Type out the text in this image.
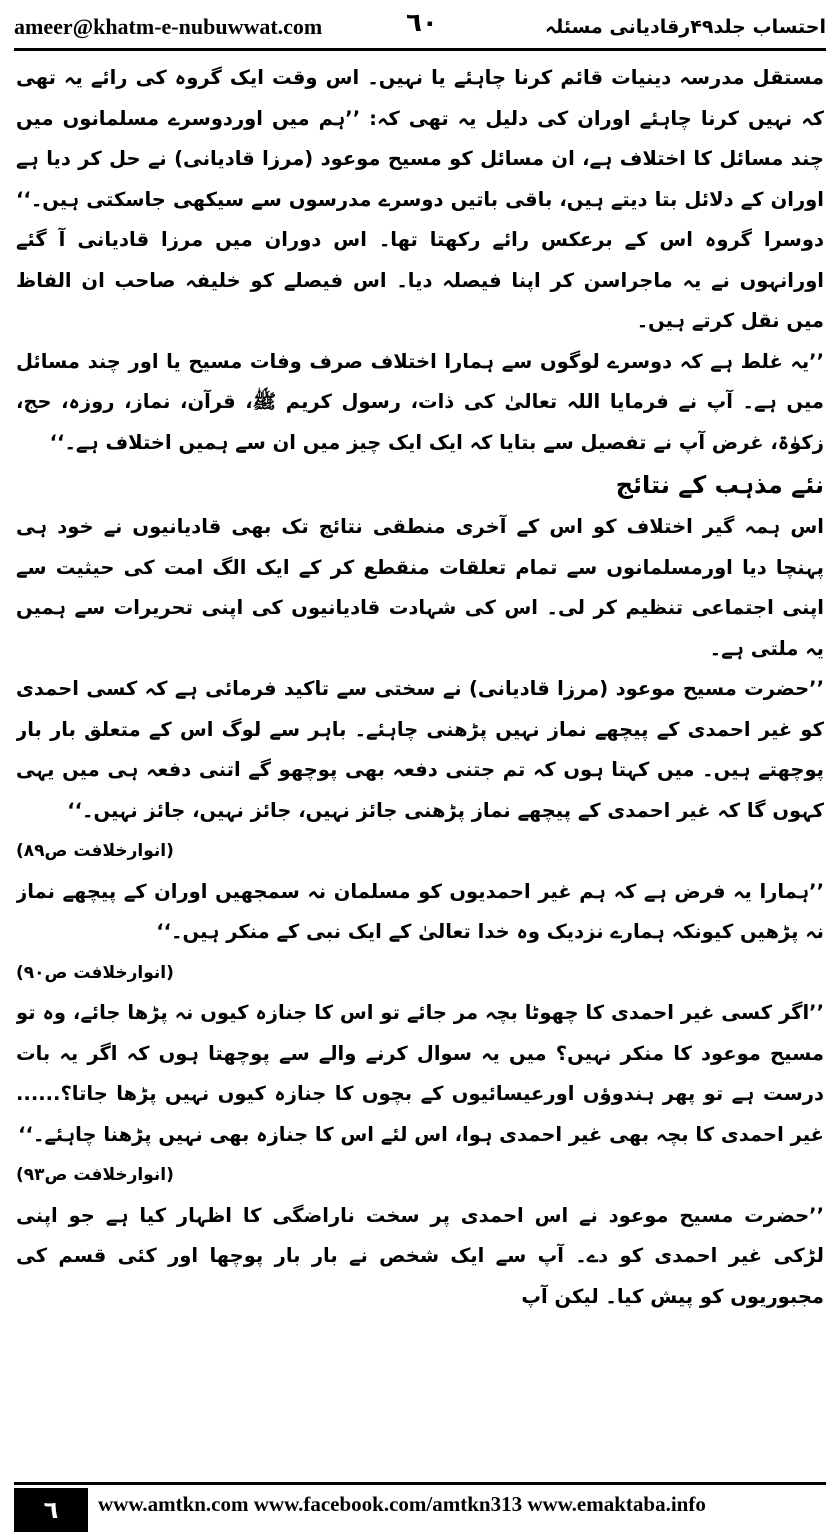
ameer@khatm-e-nubuwwat.com	٦٠	احتساب جلد۴۹رقادیانی مسئلہ

مستقل مدرسہ دینیات قائم کرنا چاہئے یا نہیں۔ اس وقت ایک گروہ کی رائے یہ تھی کہ نہیں کرنا چاہئے اوران کی دلیل یہ تھی کہ: ’’ہم میں اوردوسرے مسلمانوں میں چند مسائل کا اختلاف ہے، ان مسائل کو مسیح موعود (مرزا قادیانی) نے حل کر دیا ہے اوران کے دلائل بتا دیتے ہیں، باقی باتیں دوسرے مدرسوں سے سیکھی جاسکتی ہیں۔‘‘ دوسرا گروہ اس کے برعکس رائے رکھتا تھا۔ اس دوران میں مرزا قادیانی آ گئے اورانہوں نے یہ ماجراسن کر اپنا فیصلہ دیا۔ اس فیصلے کو خلیفہ صاحب ان الفاظ میں نقل کرتے ہیں۔

’’یہ غلط ہے کہ دوسرے لوگوں سے ہمارا اختلاف صرف وفات مسیح یا اور چند مسائل میں ہے۔ آپ نے فرمایا اللہ تعالیٰ کی ذات، رسول کریم ﷺ، قرآن، نماز، روزہ، حج، زکوٰۃ، غرض آپ نے تفصیل سے بتایا کہ ایک ایک چیز میں ان سے ہمیں اختلاف ہے۔‘‘

نئے مذہب کے نتائج

اس ہمہ گیر اختلاف کو اس کے آخری منطقی نتائج تک بھی قادیانیوں نے خود ہی پہنچا دیا اورمسلمانوں سے تمام تعلقات منقطع کر کے ایک الگ امت کی حیثیت سے اپنی اجتماعی تنظیم کر لی۔ اس کی شہادت قادیانیوں کی اپنی تحریرات سے ہمیں یہ ملتی ہے۔

’’حضرت مسیح موعود (مرزا قادیانی) نے سختی سے تاکید فرمائی ہے کہ کسی احمدی کو غیر احمدی کے پیچھے نماز نہیں پڑھنی چاہئے۔ باہر سے لوگ اس کے متعلق بار بار پوچھتے ہیں۔ میں کہتا ہوں کہ تم جتنی دفعہ بھی پوچھو گے اتنی دفعہ ہی میں یہی کہوں گا کہ غیر احمدی کے پیچھے نماز پڑھنی جائز نہیں، جائز نہیں، جائز نہیں۔‘‘

(انوارخلافت ص۸۹)

’’ہمارا یہ فرض ہے کہ ہم غیر احمدیوں کو مسلمان نہ سمجھیں اوران کے پیچھے نماز نہ پڑھیں کیونکہ ہمارے نزدیک وہ خدا تعالیٰ کے ایک نبی کے منکر ہیں۔‘‘

(انوارخلافت ص۹۰)

’’اگر کسی غیر احمدی کا چھوٹا بچہ مر جائے تو اس کا جنازہ کیوں نہ پڑھا جائے، وہ تو مسیح موعود کا منکر نہیں؟ میں یہ سوال کرنے والے سے پوچھتا ہوں کہ اگر یہ بات درست ہے تو پھر ہندوؤں اورعیسائیوں کے بچوں کا جنازہ کیوں نہیں پڑھا جاتا؟...... غیر احمدی کا بچہ بھی غیر احمدی ہوا، اس لئے اس کا جنازہ بھی نہیں پڑھنا چاہئے۔‘‘

(انوارخلافت ص۹۳)

’’حضرت مسیح موعود نے اس احمدی پر سخت ناراضگی کا اظہار کیا ہے جو اپنی لڑکی غیر احمدی کو دے۔ آپ سے ایک شخص نے بار بار پوچھا اور کئی قسم کی مجبوریوں کو پیش کیا۔ لیکن آپ

٦	www.amtkn.com www.facebook.com/amtkn313 www.emaktaba.info
